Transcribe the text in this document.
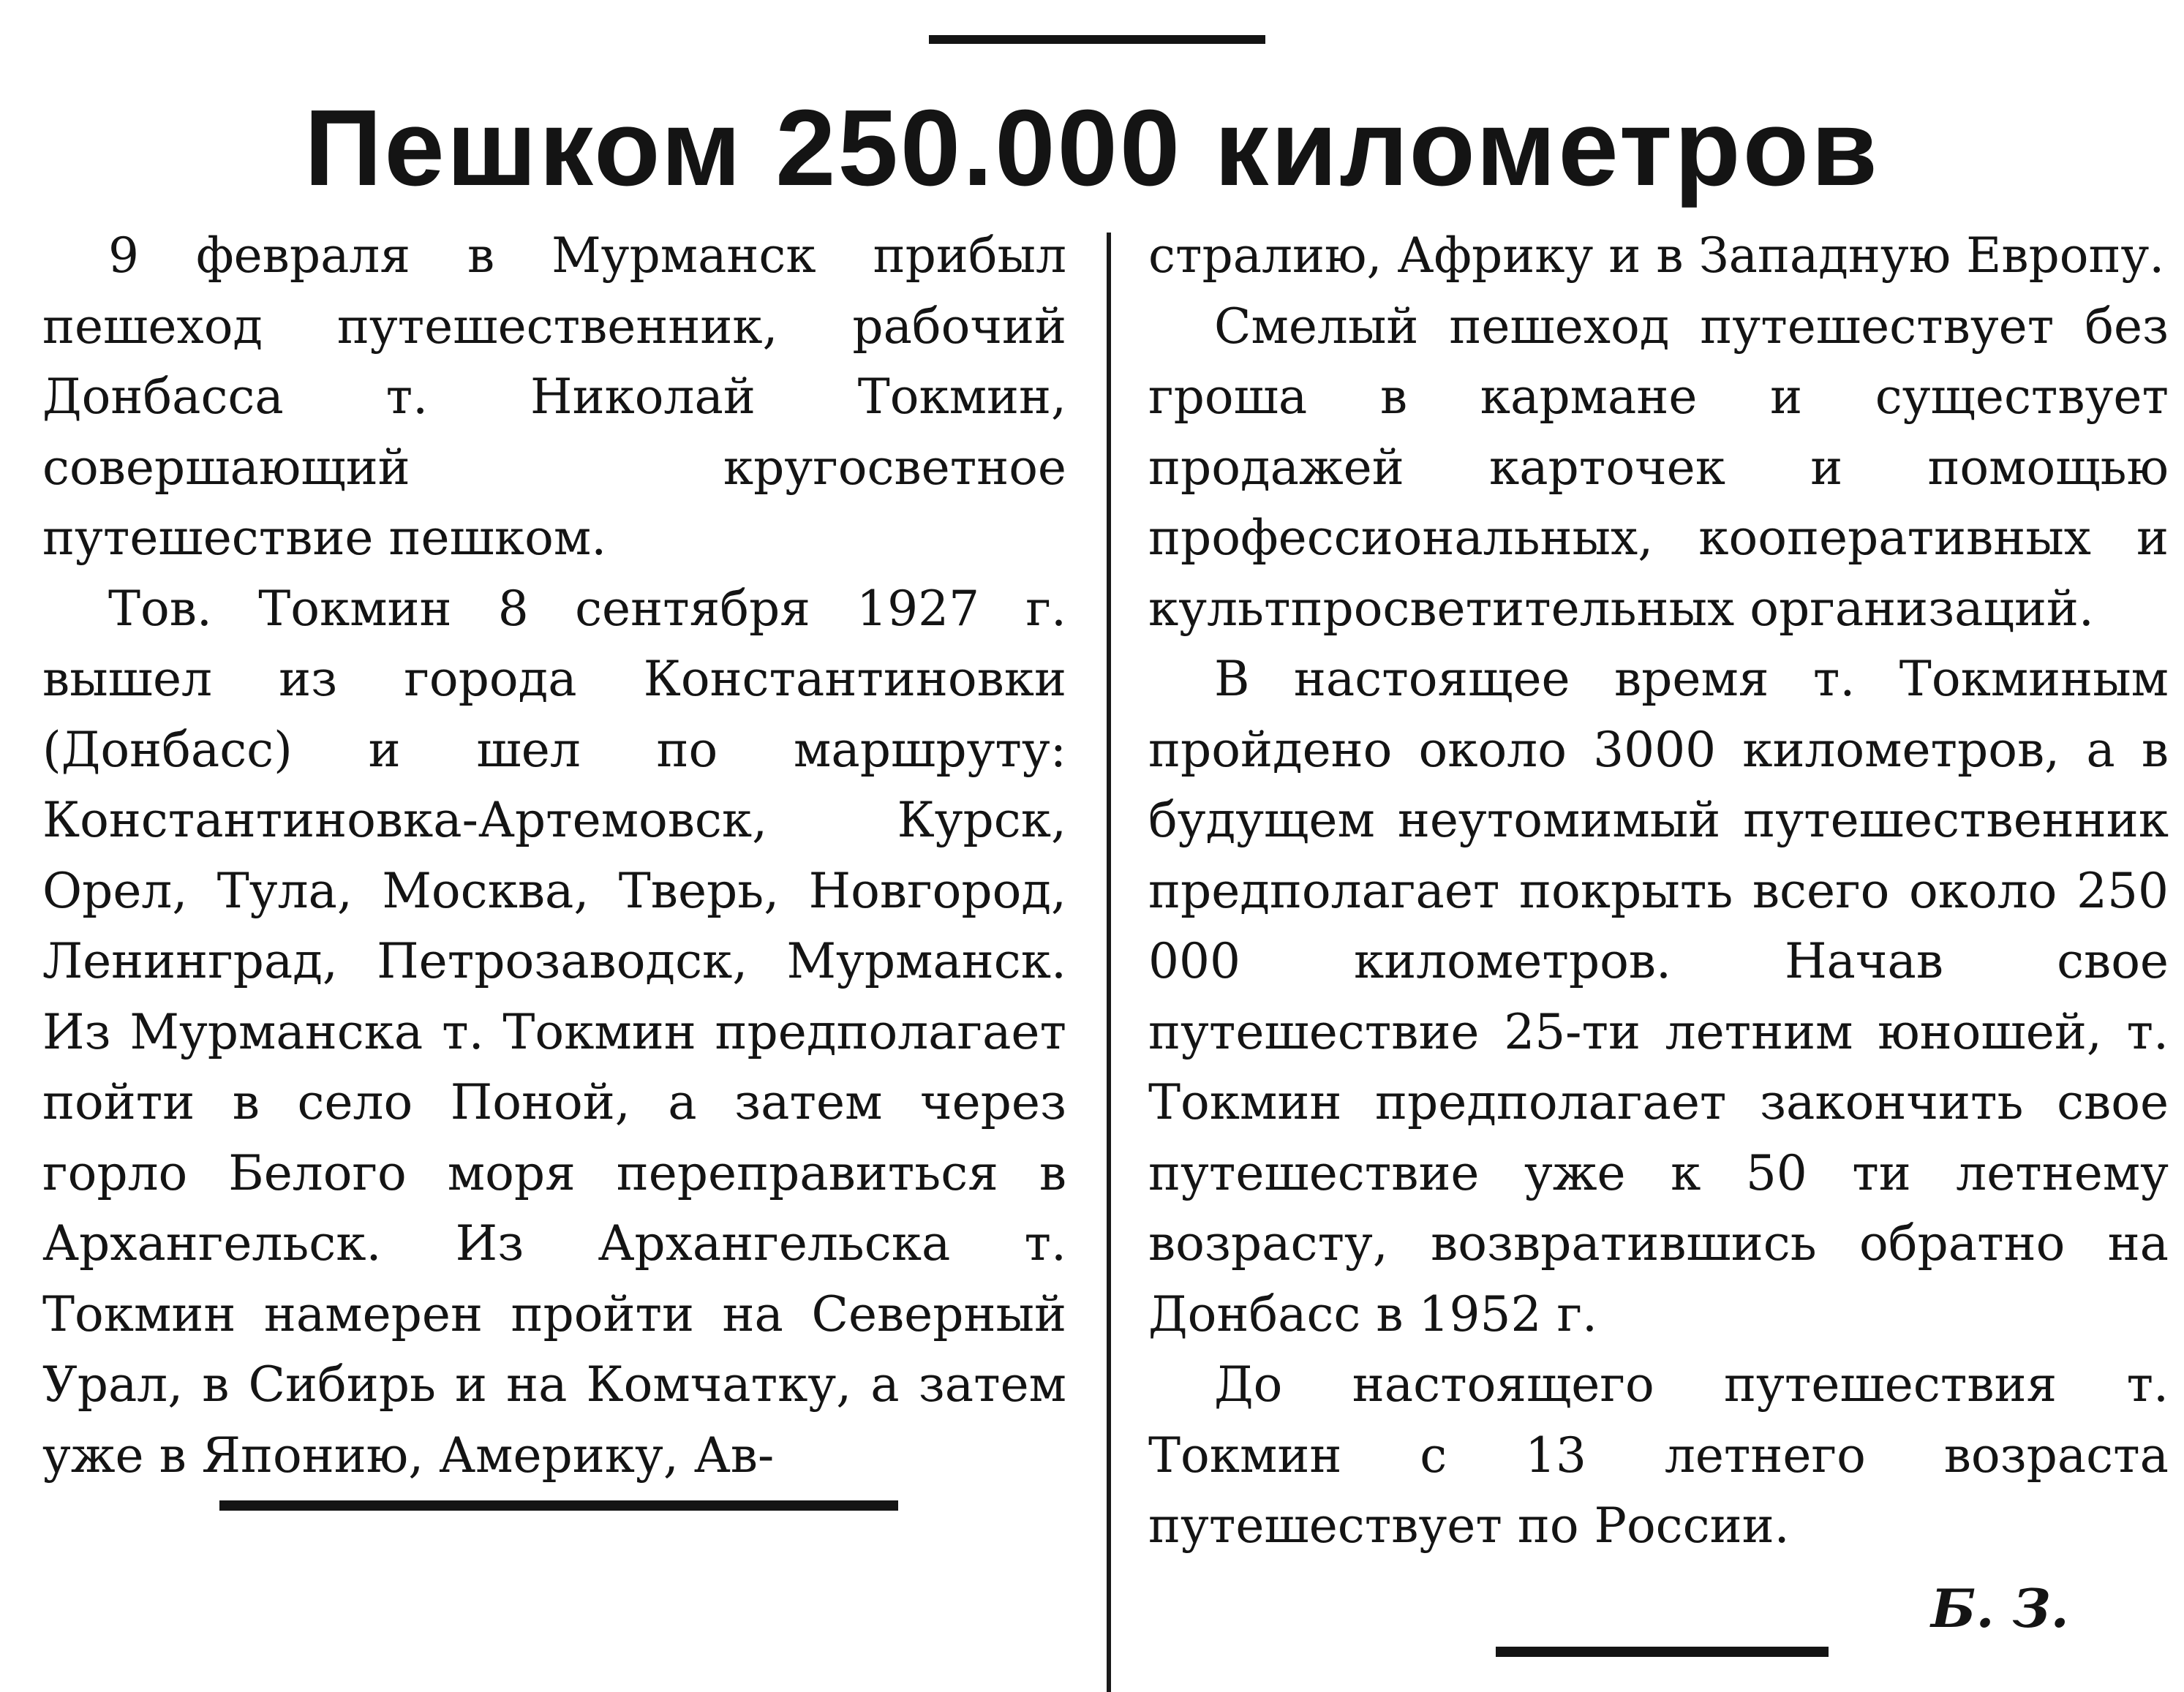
Пешком 250.000 километров

9 февраля в Мурманск прибыл пешеход путешественник, рабочий Донбасса т. Николай Токмин, совершающий кругосветное путешествие пешком.

Тов. Токмин 8 сентября 1927 г. вышел из города Константиновки (Донбасс) и шел по маршруту: Константиновка-Артемовск, Курск, Орел, Тула, Москва, Тверь, Новгород, Ленинград, Петрозаводск, Мурманск. Из Мурманска т. Токмин предполагает пойти в село Поной, а затем через горло Белого моря переправиться в Архангельск. Из Архангельска т. Токмин намерен пройти на Северный Урал, в Сибирь и на Комчатку, а затем уже в Японию, Америку, Ав-

стралию, Африку и в Западную Европу.

Смелый пешеход путешествует без гроша в кармане и существует продажей карточек и помощью профессиональных, кооперативных и культпросветительных организаций.

В настоящее время т. Токминым пройдено около 3000 километров, а в будущем неутомимый путешественник предполагает покрыть всего около 250 000 километров. Начав свое путешествие 25-ти летним юношей, т. Токмин предполагает закончить свое путешествие уже к 50 ти летнему возрасту, возвратившись обратно на Донбасс в 1952 г.

До настоящего путешествия т. Токмин с 13 летнего возраста путешествует по России.

Б. З.
